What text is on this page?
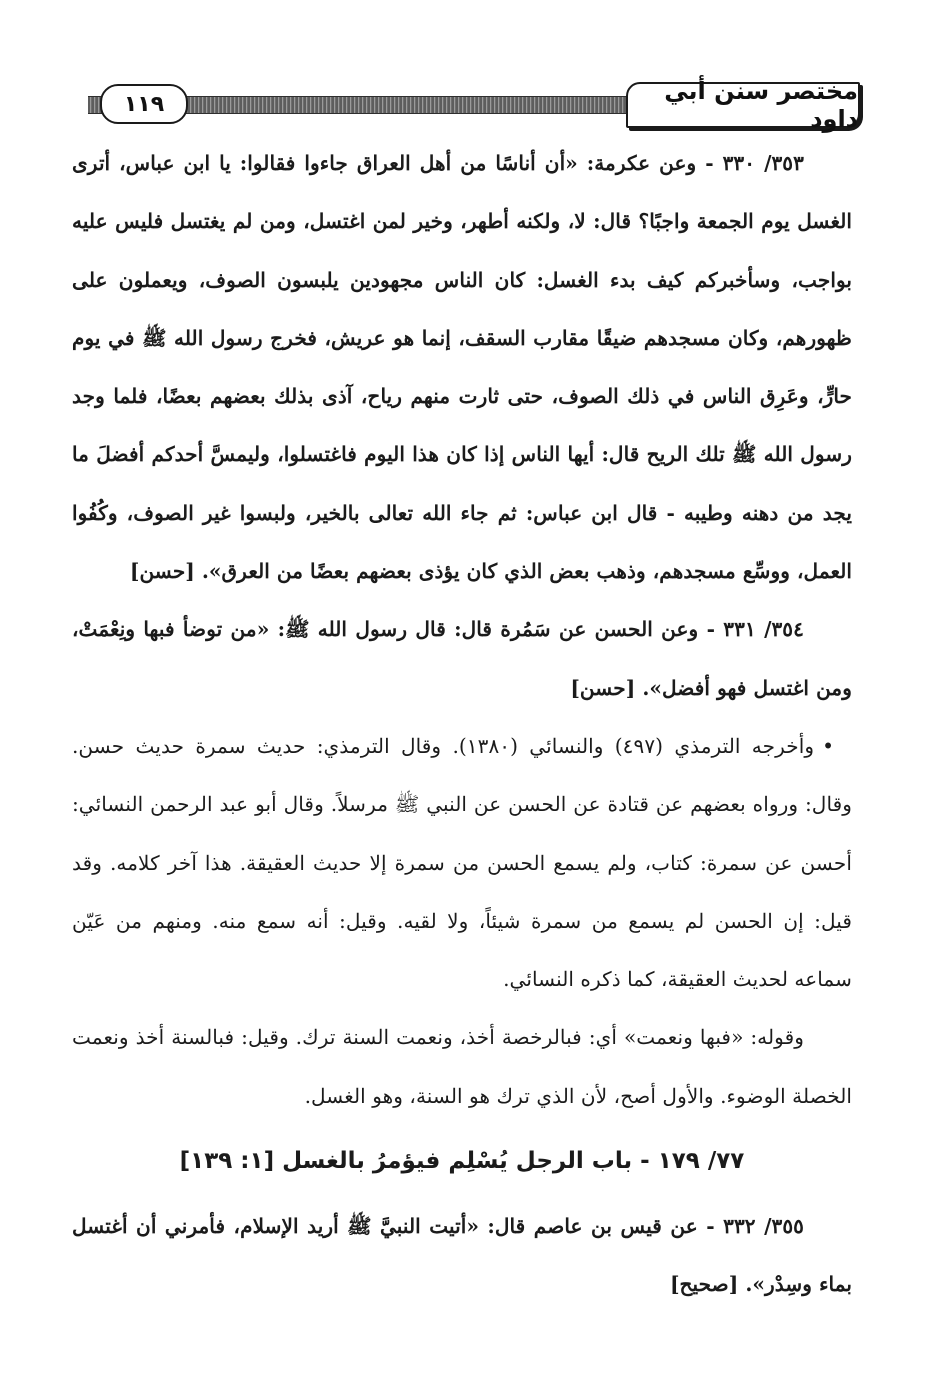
مختصر سنن أبي داود
١١٩

٣٥٣/ ٣٣٠ - وعن عكرمة: «أن أناسًا من أهل العراق جاءوا فقالوا: يا ابن عباس، أترى الغسل يوم الجمعة واجبًا؟ قال: لا، ولكنه أطهر، وخير لمن اغتسل، ومن لم يغتسل فليس عليه بواجب، وسأخبركم كيف بدء الغسل: كان الناس مجهودين يلبسون الصوف، ويعملون على ظهورهم، وكان مسجدهم ضيقًا مقارب السقف، إنما هو عريش، فخرج رسول الله ﷺ في يوم حارٍّ، وعَرِق الناس في ذلك الصوف، حتى ثارت منهم رياح، آذى بذلك بعضهم بعضًا، فلما وجد رسول الله ﷺ تلك الريح قال: أيها الناس إذا كان هذا اليوم فاغتسلوا، وليمسَّ أحدكم أفضلَ ما يجد من دهنه وطيبه - قال ابن عباس: ثم جاء الله تعالى بالخير، ولبسوا غير الصوف، وكُفُوا العمل، ووسِّع مسجدهم، وذهب بعض الذي كان يؤذى بعضهم بعضًا من العرق». [حسن]

٣٥٤/ ٣٣١ - وعن الحسن عن سَمُرة قال: قال رسول الله ﷺ: «من توضأ فبها ونِعْمَتْ، ومن اغتسل فهو أفضل». [حسن]

•وأخرجه الترمذي (٤٩٧) والنسائي (١٣٨٠). وقال الترمذي: حديث سمرة حديث حسن. وقال: ورواه بعضهم عن قتادة عن الحسن عن النبي ﷺ مرسلاً. وقال أبو عبد الرحمن النسائي: أحسن عن سمرة: كتاب، ولم يسمع الحسن من سمرة إلا حديث العقيقة. هذا آخر كلامه. وقد قيل: إن الحسن لم يسمع من سمرة شيئاً، ولا لقيه. وقيل: أنه سمع منه. ومنهم من عَيّن سماعه لحديث العقيقة، كما ذكره النسائي.

وقوله: «فبها ونعمت» أي: فبالرخصة أخذ، ونعمت السنة ترك. وقيل: فبالسنة أخذ ونعمت الخصلة الوضوء. والأول أصح، لأن الذي ترك هو السنة، وهو الغسل.

٧٧/ ١٧٩ - باب الرجل يُسْلِم فيؤمرُ بالغسل [١: ١٣٩]

٣٥٥/ ٣٣٢ - عن قيس بن عاصم قال: «أتيت النبيَّ ﷺ أريد الإسلام، فأمرني أن أغتسل بماء وسِدْر». [صحيح]
